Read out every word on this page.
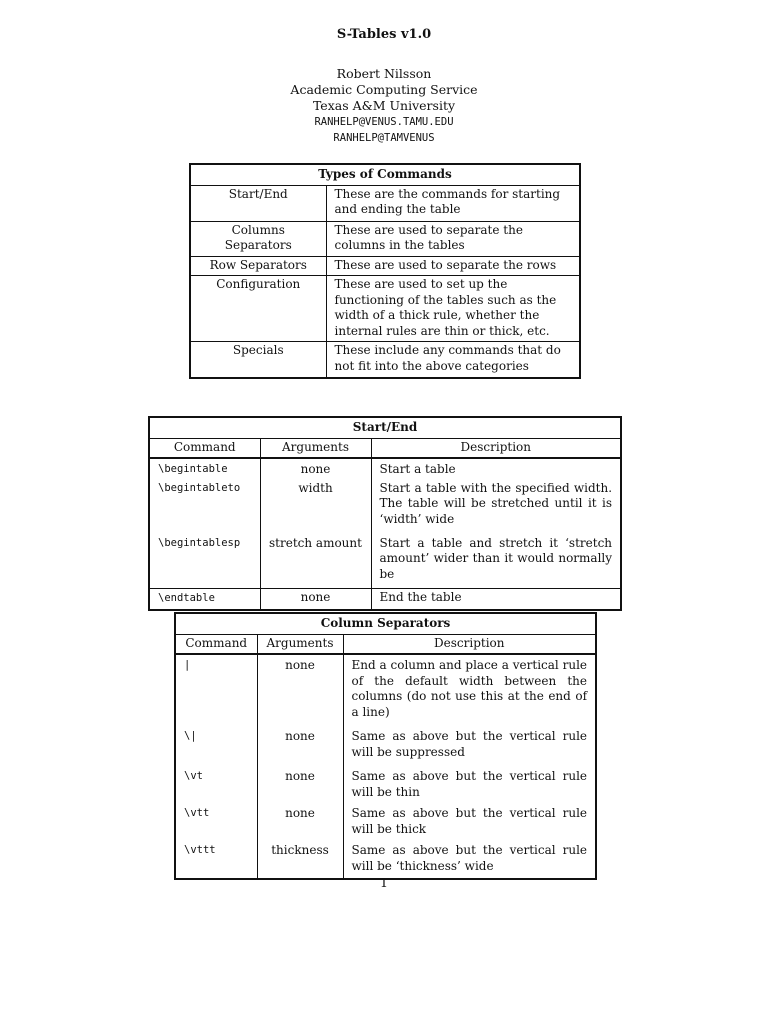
S-Tables v1.0
Robert Nilsson
Academic Computing Service
Texas A&M University
RANHELP@VENUS.TAMU.EDU
RANHELP@TAMVENUS
Types of Commands	
Start/End	These are the commands for starting and ending the table
Columns Separators	These are used to separate the columns in the tables
Row Separators	These are used to separate the rows
Configuration	These are used to set up the functioning of the tables such as the width of a thick rule, whether the internal rules are thin or thick, etc.
Specials	These include any commands that do not fit into the above categories
Start/End		
Command	Arguments	Description
\begintable	none	Start a table
\begintableto	width	Start a table with the specified width. The table will be stretched until it is ‘width’ wide
\begintablesp	stretch amount	Start a table and stretch it ‘stretch amount’ wider than it would normally be
\endtable	none	End the table
Column Separators		
Command	Arguments	Description
|	none	End a column and place a vertical rule of the default width between the columns (do not use this at the end of a line)
\|	none	Same as above but the vertical rule will be suppressed
\vt	none	Same as above but the vertical rule will be thin
\vtt	none	Same as above but the vertical rule will be thick
\vttt	thickness	Same as above but the vertical rule will be ‘thickness’ wide
1
